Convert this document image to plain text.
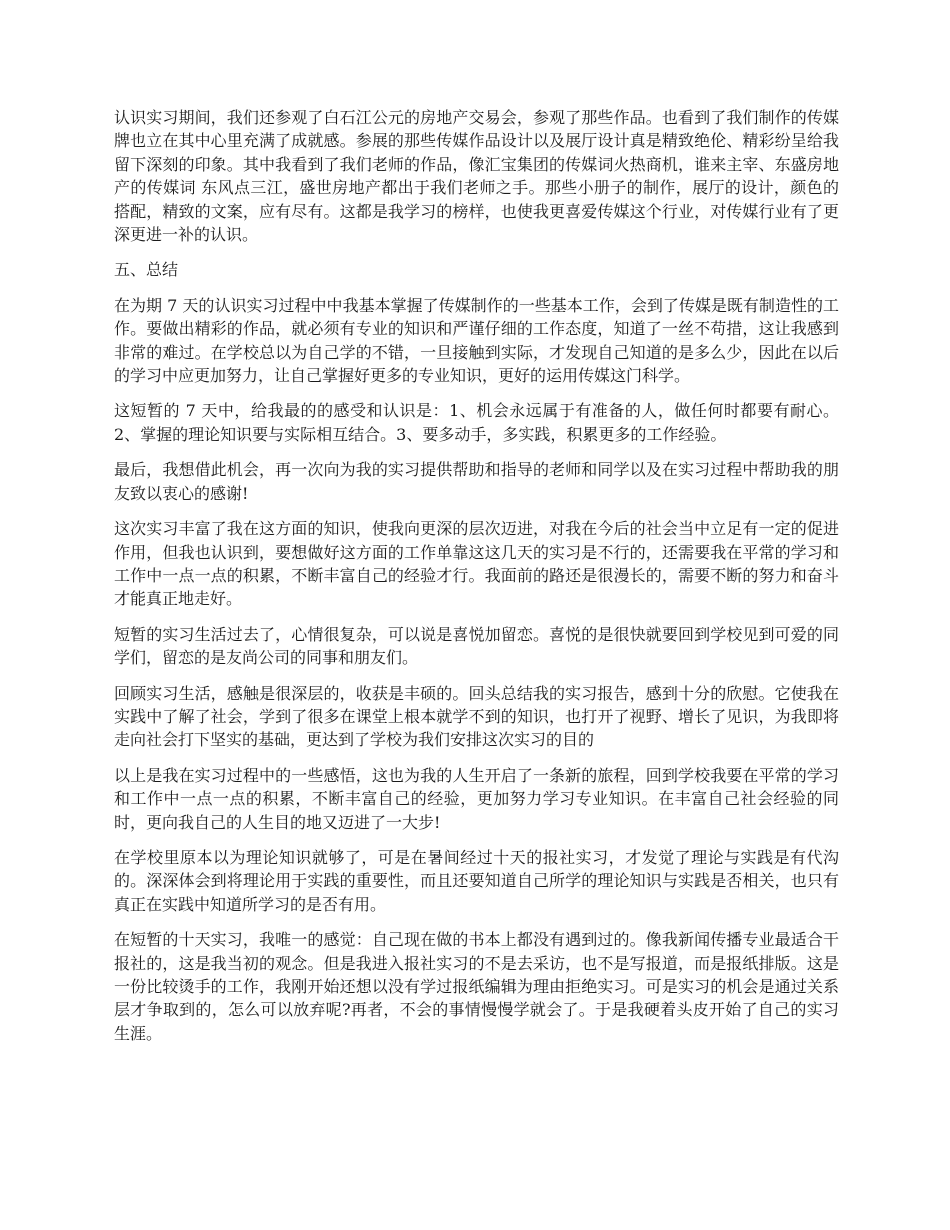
认识实习期间，我们还参观了白石江公元的房地产交易会，参观了那些作品。也看到了我们制作的传媒牌也立在其中心里充满了成就感。参展的那些传媒作品设计以及展厅设计真是精致绝伦、精彩纷呈给我留下深刻的印象。其中我看到了我们老师的作品，像汇宝集团的传媒词火热商机，谁来主宰、东盛房地产的传媒词 东风点三江，盛世房地产都出于我们老师之手。那些小册子的制作，展厅的设计，颜色的搭配，精致的文案，应有尽有。这都是我学习的榜样，也使我更喜爱传媒这个行业，对传媒行业有了更深更进一补的认识。

五、总结

在为期 7 天的认识实习过程中中我基本掌握了传媒制作的一些基本工作，会到了传媒是既有制造性的工作。要做出精彩的作品，就必须有专业的知识和严谨仔细的工作态度，知道了一丝不苟措，这让我感到非常的难过。在学校总以为自己学的不错，一旦接触到实际，才发现自己知道的是多么少，因此在以后的学习中应更加努力，让自己掌握好更多的专业知识，更好的运用传媒这门科学。

这短暂的 7 天中，给我最的的感受和认识是：1、机会永远属于有准备的人，做任何时都要有耐心。2、掌握的理论知识要与实际相互结合。3、要多动手，多实践，积累更多的工作经验。

最后，我想借此机会，再一次向为我的实习提供帮助和指导的老师和同学以及在实习过程中帮助我的朋友致以衷心的感谢!

这次实习丰富了我在这方面的知识，使我向更深的层次迈进，对我在今后的社会当中立足有一定的促进作用，但我也认识到，要想做好这方面的工作单靠这这几天的实习是不行的，还需要我在平常的学习和工作中一点一点的积累，不断丰富自己的经验才行。我面前的路还是很漫长的，需要不断的努力和奋斗才能真正地走好。

短暂的实习生活过去了，心情很复杂，可以说是喜悦加留恋。喜悦的是很快就要回到学校见到可爱的同学们，留恋的是友尚公司的同事和朋友们。

回顾实习生活，感触是很深层的，收获是丰硕的。回头总结我的实习报告，感到十分的欣慰。它使我在实践中了解了社会，学到了很多在课堂上根本就学不到的知识，也打开了视野、增长了见识，为我即将走向社会打下坚实的基础，更达到了学校为我们安排这次实习的目的

以上是我在实习过程中的一些感悟，这也为我的人生开启了一条新的旅程，回到学校我要在平常的学习和工作中一点一点的积累，不断丰富自己的经验，更加努力学习专业知识。在丰富自己社会经验的同时，更向我自己的人生目的地又迈进了一大步!

在学校里原本以为理论知识就够了，可是在暑间经过十天的报社实习，才发觉了理论与实践是有代沟的。深深体会到将理论用于实践的重要性，而且还要知道自己所学的理论知识与实践是否相关，也只有真正在实践中知道所学习的是否有用。

在短暂的十天实习，我唯一的感觉：自己现在做的书本上都没有遇到过的。像我新闻传播专业最适合干报社的，这是我当初的观念。但是我进入报社实习的不是去采访，也不是写报道，而是报纸排版。这是一份比较烫手的工作，我刚开始还想以没有学过报纸编辑为理由拒绝实习。可是实习的机会是通过关系层才争取到的，怎么可以放弃呢?再者，不会的事情慢慢学就会了。于是我硬着头皮开始了自己的实习生涯。
